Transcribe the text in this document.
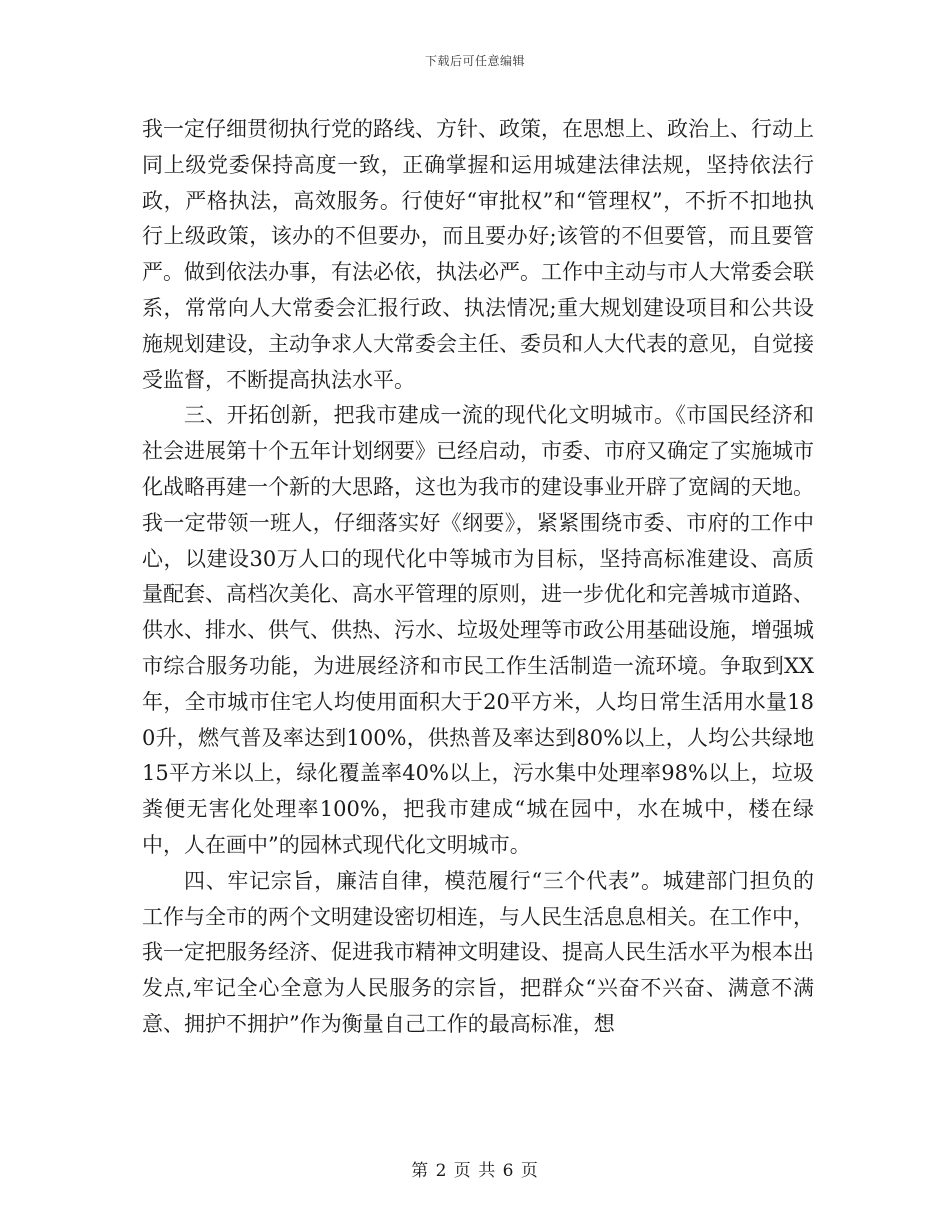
下载后可任意编辑

我一定仔细贯彻执行党的路线、方针、政策，在思想上、政治上、行动上同上级党委保持高度一致，正确掌握和运用城建法律法规，坚持依法行政，严格执法，高效服务。行使好“审批权”和“管理权”，不折不扣地执行上级政策，该办的不但要办，而且要办好;该管的不但要管，而且要管严。做到依法办事，有法必依，执法必严。工作中主动与市人大常委会联系，常常向人大常委会汇报行政、执法情况;重大规划建设项目和公共设施规划建设，主动争求人大常委会主任、委员和人大代表的意见，自觉接受监督，不断提高执法水平。

三、开拓创新，把我市建成一流的现代化文明城市。《市国民经济和社会进展第十个五年计划纲要》已经启动，市委、市府又确定了实施城市化战略再建一个新的大思路，这也为我市的建设事业开辟了宽阔的天地。我一定带领一班人，仔细落实好《纲要》，紧紧围绕市委、市府的工作中心，以建设30万人口的现代化中等城市为目标，坚持高标准建设、高质量配套、高档次美化、高水平管理的原则，进一步优化和完善城市道路、供水、排水、供气、供热、污水、垃圾处理等市政公用基础设施，增强城市综合服务功能，为进展经济和市民工作生活制造一流环境。争取到XX年，全市城市住宅人均使用面积大于20平方米，人均日常生活用水量180升，燃气普及率达到100%，供热普及率达到80%以上，人均公共绿地15平方米以上，绿化覆盖率40%以上，污水集中处理率98%以上，垃圾粪便无害化处理率100%，把我市建成“城在园中，水在城中，楼在绿中，人在画中”的园林式现代化文明城市。

四、牢记宗旨，廉洁自律，模范履行“三个代表”。城建部门担负的工作与全市的两个文明建设密切相连，与人民生活息息相关。在工作中，我一定把服务经济、促进我市精神文明建设、提高人民生活水平为根本出发点,牢记全心全意为人民服务的宗旨，把群众“兴奋不兴奋、满意不满意、拥护不拥护”作为衡量自己工作的最高标准，想

第 2 页 共 6 页
